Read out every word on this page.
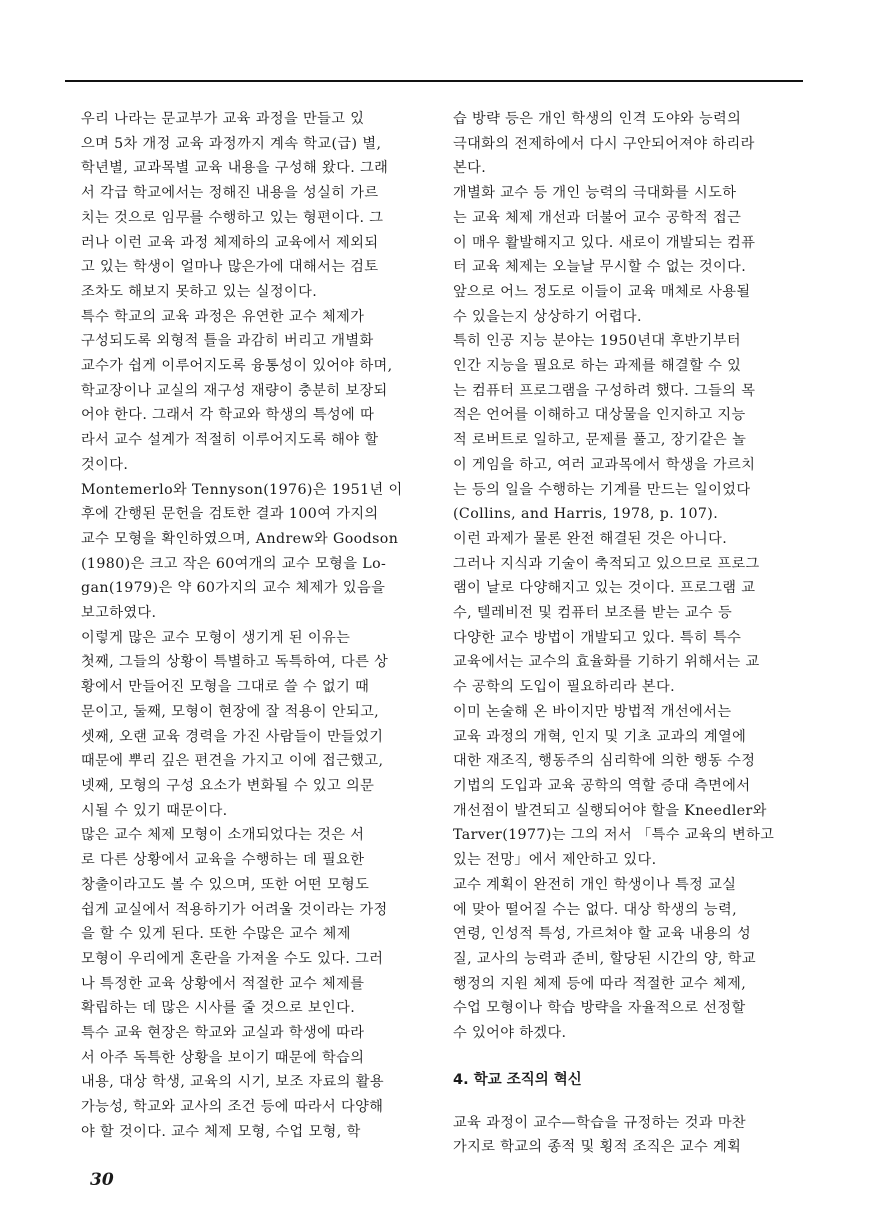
우리 나라는 문교부가 교육 과정을 만들고 있
으며 5차 개정 교육 과정까지 계속 학교(급) 별,
학년별, 교과목별 교육 내용을 구성해 왔다. 그래
서 각급 학교에서는 정해진 내용을 성실히 가르
치는 것으로 임무를 수행하고 있는 형편이다. 그
러나 이런 교육 과정 체제하의 교육에서 제외되
고 있는 학생이 얼마나 많은가에 대해서는 검토
조차도 해보지 못하고 있는 실정이다.

특수 학교의 교육 과정은 유연한 교수 체제가
구성되도록 외형적 틀을 과감히 버리고 개별화
교수가 쉽게 이루어지도록 융통성이 있어야 하며,
학교장이나 교실의 재구성 재량이 충분히 보장되
어야 한다. 그래서 각 학교와 학생의 특성에 따
라서 교수 설계가 적절히 이루어지도록 해야 할
것이다.

Montemerlo와 Tennyson(1976)은 1951년 이
후에 간행된 문헌을 검토한 결과 100여 가지의
교수 모형을 확인하였으며, Andrew와 Goodson
(1980)은 크고 작은 60여개의 교수 모형을 Lo-
gan(1979)은 약 60가지의 교수 체제가 있음을
보고하였다.

이렇게 많은 교수 모형이 생기게 된 이유는
첫째, 그들의 상황이 특별하고 독특하여, 다른 상
황에서 만들어진 모형을 그대로 쓸 수 없기 때
문이고, 둘째, 모형이 현장에 잘 적용이 안되고,
셋째, 오랜 교육 경력을 가진 사람들이 만들었기
때문에 뿌리 깊은 편견을 가지고 이에 접근했고,
넷째, 모형의 구성 요소가 변화될 수 있고 의문
시될 수 있기 때문이다.

많은 교수 체제 모형이 소개되었다는 것은 서
로 다른 상황에서 교육을 수행하는 데 필요한
창출이라고도 볼 수 있으며, 또한 어떤 모형도
쉽게 교실에서 적용하기가 어려울 것이라는 가정
을 할 수 있게 된다. 또한 수많은 교수 체제
모형이 우리에게 혼란을 가져올 수도 있다. 그러
나 특정한 교육 상황에서 적절한 교수 체제를
확립하는 데 많은 시사를 줄 것으로 보인다.

특수 교육 현장은 학교와 교실과 학생에 따라
서 아주 독특한 상황을 보이기 때문에 학습의
내용, 대상 학생, 교육의 시기, 보조 자료의 활용
가능성, 학교와 교사의 조건 등에 따라서 다양해
야 할 것이다. 교수 체제 모형, 수업 모형, 학

습 방략 등은 개인 학생의 인격 도야와 능력의
극대화의 전제하에서 다시 구안되어져야 하리라
본다.

개별화 교수 등 개인 능력의 극대화를 시도하
는 교육 체제 개선과 더불어 교수 공학적 접근
이 매우 활발해지고 있다. 새로이 개발되는 컴퓨
터 교육 체제는 오늘날 무시할 수 없는 것이다.
앞으로 어느 정도로 이들이 교육 매체로 사용될
수 있을는지 상상하기 어렵다.

특히 인공 지능 분야는 1950년대 후반기부터
인간 지능을 필요로 하는 과제를 해결할 수 있
는 컴퓨터 프로그램을 구성하려 했다. 그들의 목
적은 언어를 이해하고 대상물을 인지하고 지능
적 로버트로 일하고, 문제를 풀고, 장기같은 놀
이 게임을 하고, 여러 교과목에서 학생을 가르치
는 등의 일을 수행하는 기계를 만드는 일이었다
(Collins, and Harris, 1978, p. 107).

이런 과제가 물론 완전 해결된 것은 아니다.
그러나 지식과 기술이 축적되고 있으므로 프로그
램이 날로 다양해지고 있는 것이다. 프로그램 교
수, 텔레비전 및 컴퓨터 보조를 받는 교수 등
다양한 교수 방법이 개발되고 있다. 특히 특수
교육에서는 교수의 효율화를 기하기 위해서는 교
수 공학의 도입이 필요하리라 본다.

이미 논술해 온 바이지만 방법적 개선에서는
교육 과정의 개혁, 인지 및 기초 교과의 계열에
대한 재조직, 행동주의 심리학에 의한 행동 수정
기법의 도입과 교육 공학의 역할 증대 측면에서
개선점이 발견되고 실행되어야 할을 Kneedler와
Tarver(1977)는 그의 저서 「특수 교육의 변하고
있는 전망」에서 제안하고 있다.

교수 계획이 완전히 개인 학생이나 특정 교실
에 맞아 떨어질 수는 없다. 대상 학생의 능력,
연령, 인성적 특성, 가르쳐야 할 교육 내용의 성
질, 교사의 능력과 준비, 할당된 시간의 양, 학교
행정의 지원 체제 등에 따라 적절한 교수 체제,
수업 모형이나 학습 방략을 자율적으로 선정할
수 있어야 하겠다.

4. 학교 조직의 혁신

교육 과정이 교수—학습을 규정하는 것과 마찬
가지로 학교의 종적 및 횡적 조직은 교수 계획

30
